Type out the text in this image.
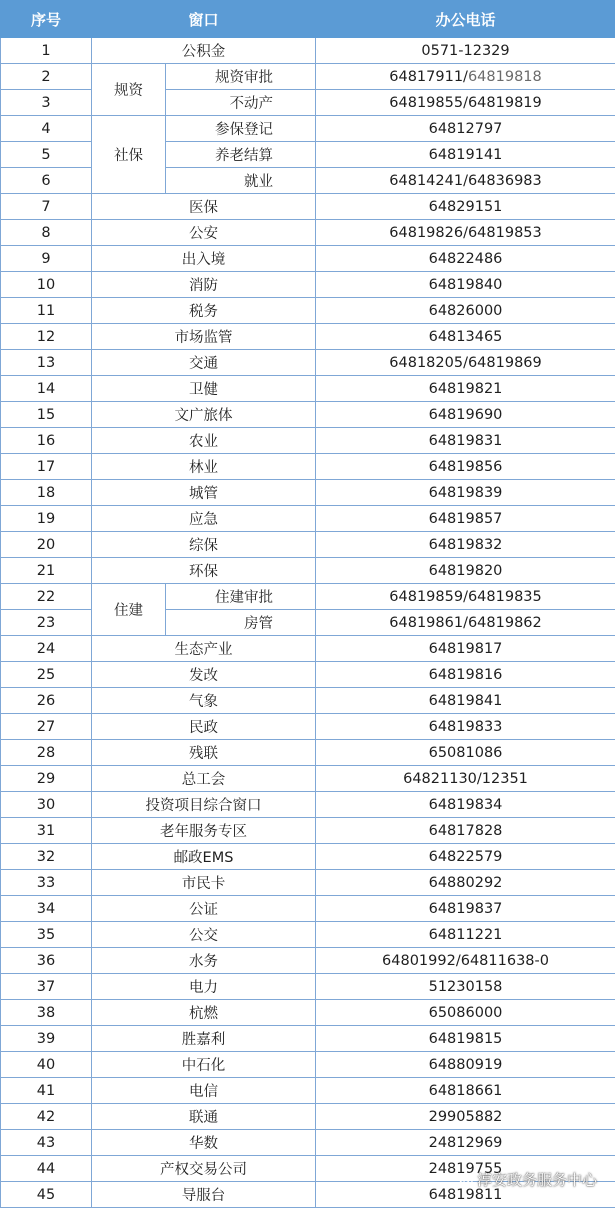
序号	窗口		办公电话
1	公积金		0571-12329
2	规资	规资审批	64817911/64819818
3		不动产	64819855/64819819
4	社保	参保登记	64812797
5		养老结算	64819141
6		就业	64814241/64836983
7	医保		64829151
8	公安		64819826/64819853
9	出入境		64822486
10	消防		64819840
11	税务		64826000
12	市场监管		64813465
13	交通		64818205/64819869
14	卫健		64819821
15	文广旅体		64819690
16	农业		64819831
17	林业		64819856
18	城管		64819839
19	应急		64819857
20	综保		64819832
21	环保		64819820
22	住建	住建审批	64819859/64819835
23		房管	64819861/64819862
24	生态产业		64819817
25	发改		64819816
26	气象		64819841
27	民政		64819833
28	残联		65081086
29	总工会		64821130/12351
30	投资项目综合窗口		64819834
31	老年服务专区		64817828
32	邮政EMS		64822579
33	市民卡		64880292
34	公证		64819837
35	公交		64811221
36	水务		64801992/64811638-0
37	电力		51230158
38	杭燃		65086000
39	胜嘉利		64819815
40	中石化		64880919
41	电信		64818661
42	联通		29905882
43	华数		24812969
44	产权交易公司		24819755
45	导服台		64819811
淳安政务服务中心
